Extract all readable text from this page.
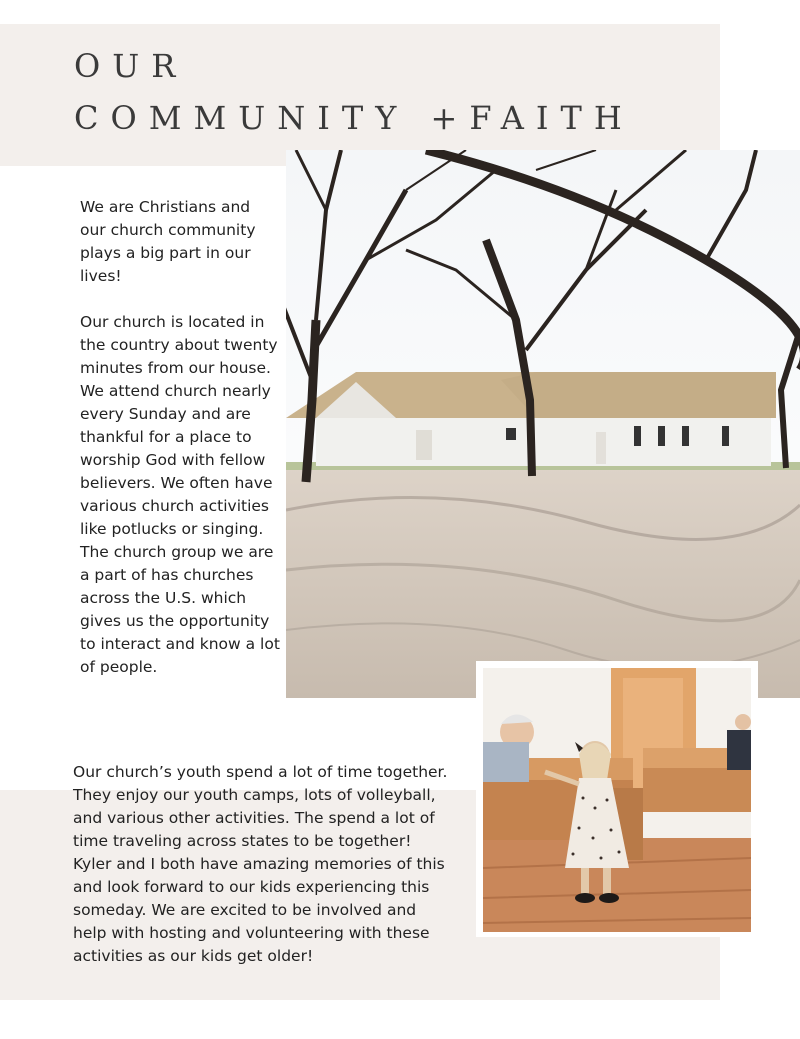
OUR
COMMUNITY +FAITH

We are Christians and our church community plays a big part in our lives!

Our church is located in the country about twenty minutes from our house. We attend church nearly every Sunday and are thankful for a place to worship God with fellow believers. We often have various church activities like potlucks or singing. The church group we are a part of has churches across the U.S. which gives us the opportunity to interact and know a lot of people.

Our church’s youth spend a lot of time together. They enjoy our youth camps, lots of volleyball, and various other activities. The spend a lot of time traveling across states to be together! Kyler and I both have amazing memories of this and look forward to our kids experiencing this someday. We are excited to be involved and help with hosting and volunteering with these activities as our kids get older!
